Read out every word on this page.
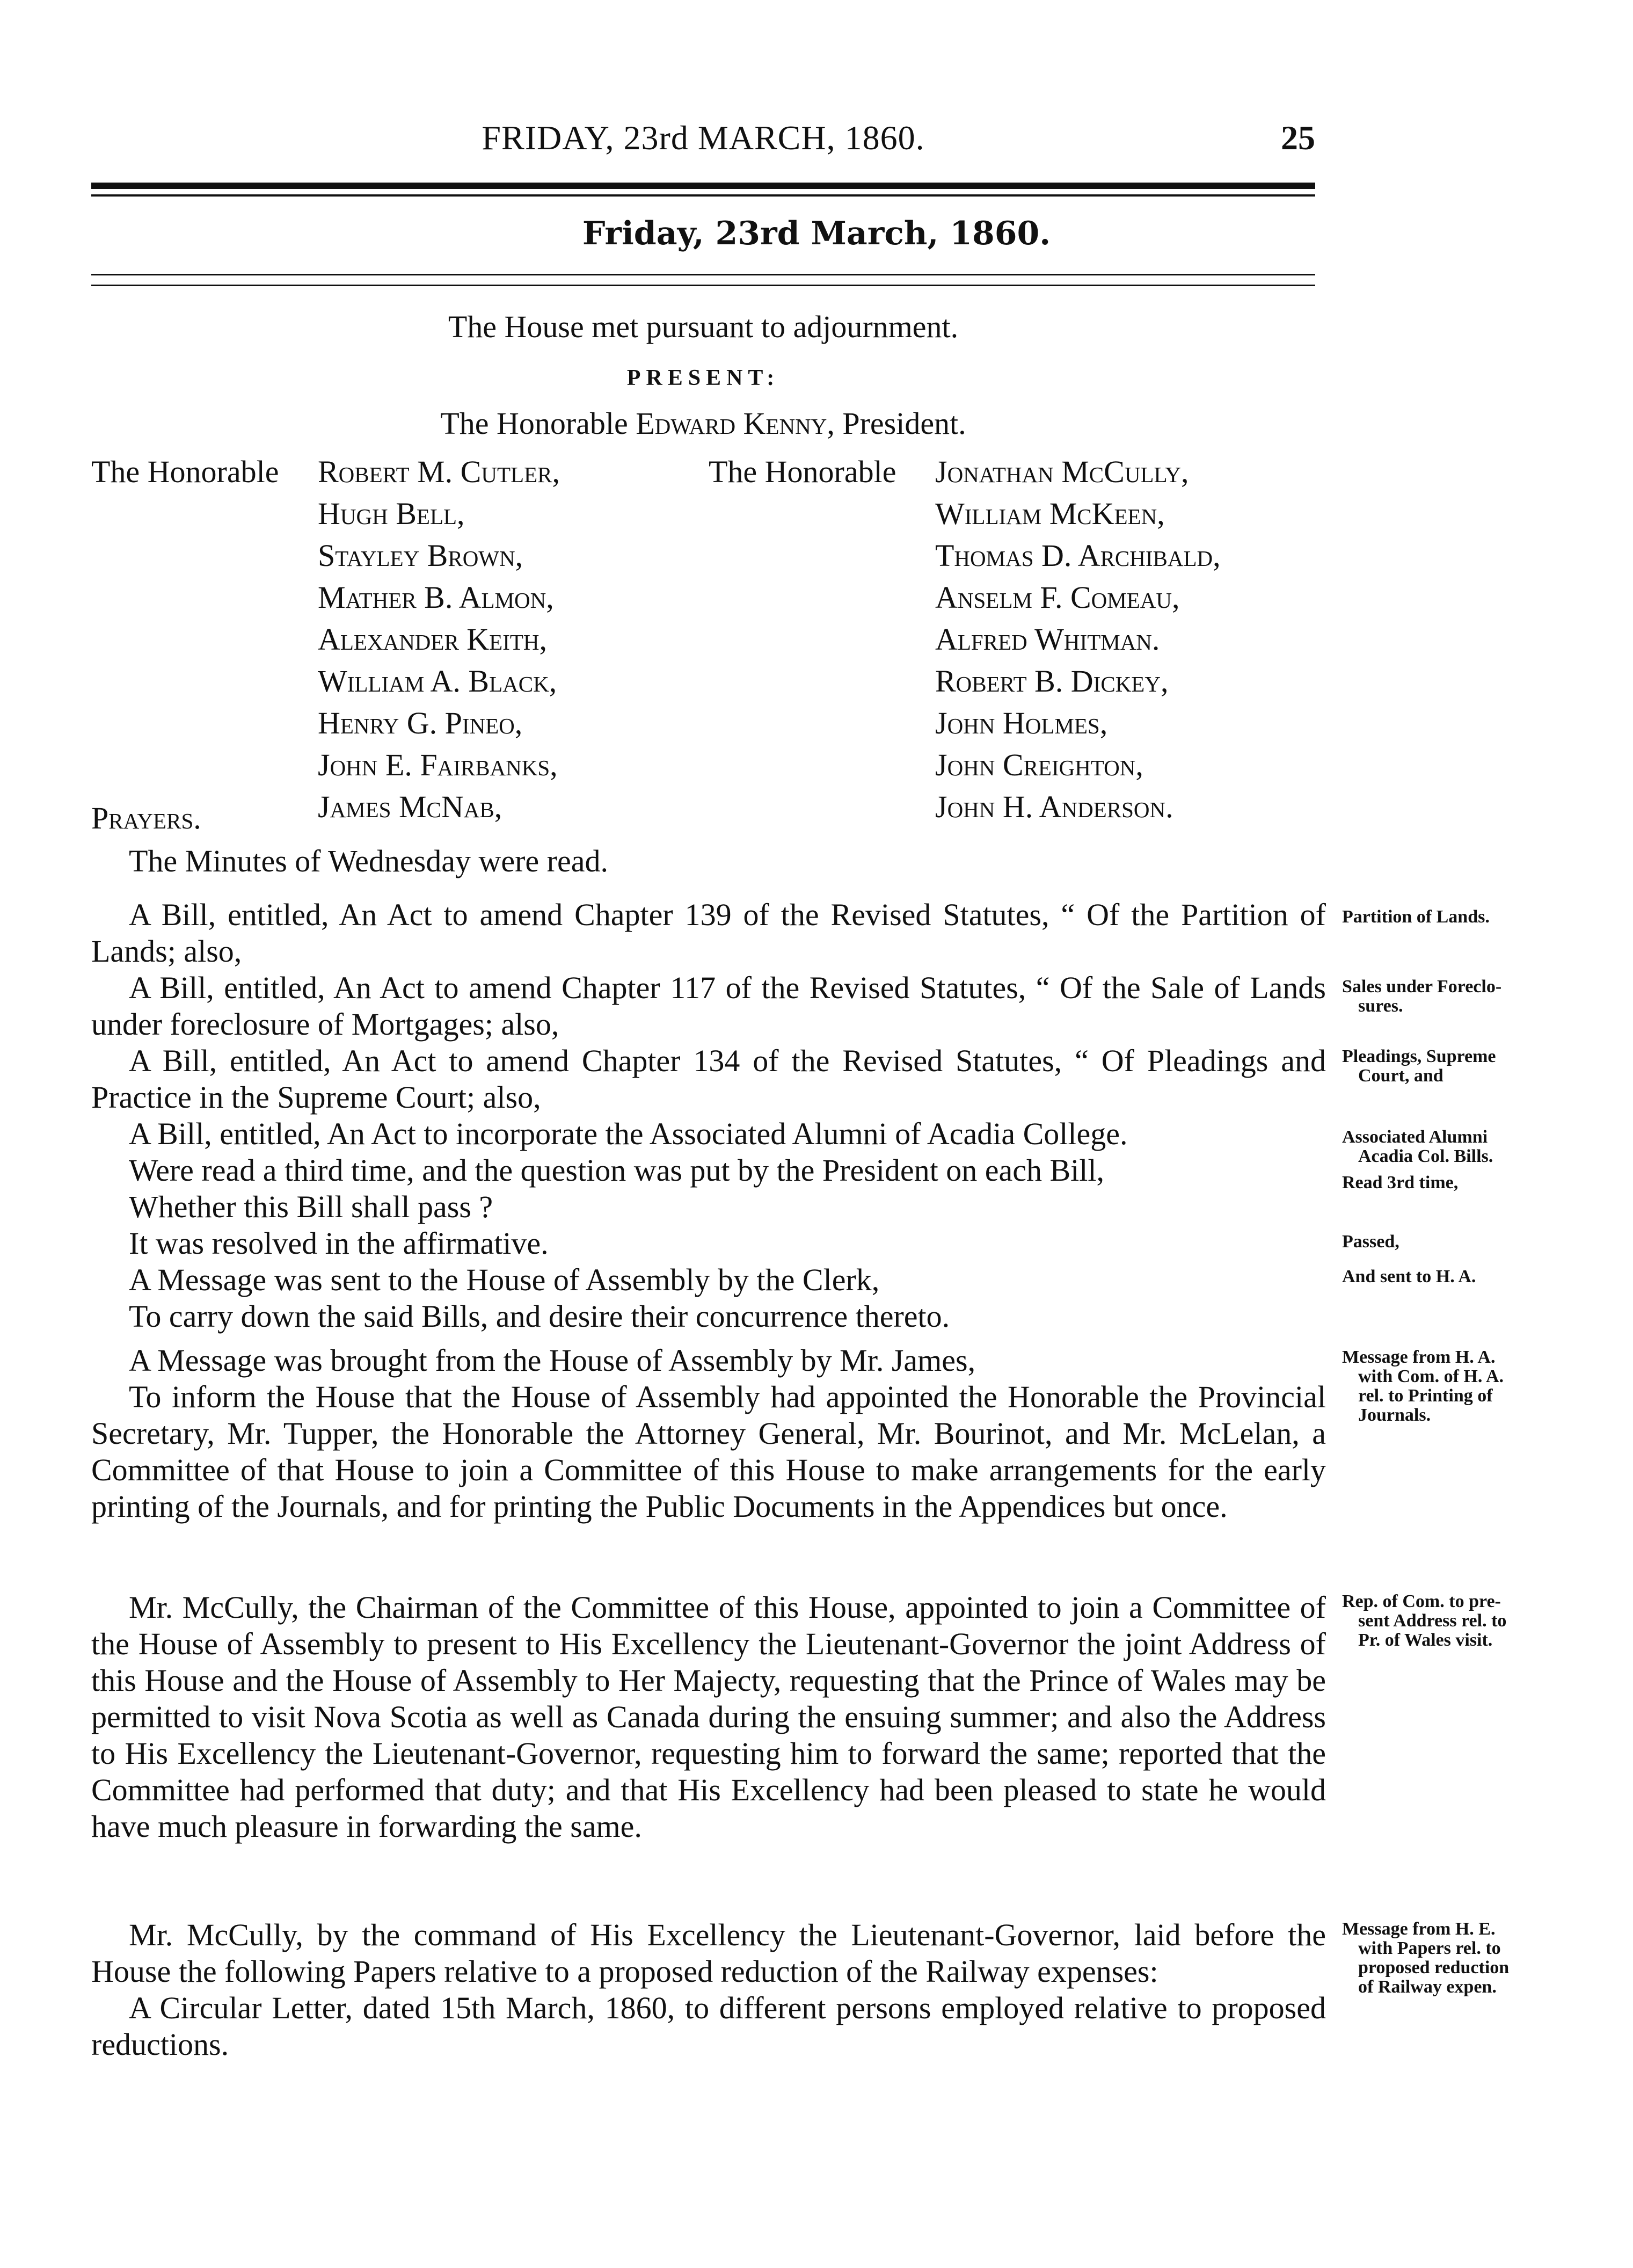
FRIDAY, 23rd MARCH, 1860.	25
Friday, 23rd March, 1860.
The House met pursuant to adjournment.
PRESENT:
The Honorable Edward Kenny, President.
The Honorable Robert M. Cutler,
Hugh Bell,
Stayley Brown,
Mather B. Almon,
Alexander Keith,
William A. Black,
Henry G. Pineo,
John E. Fairbanks,
James McNab,
The Honorable Jonathan McCully,
William McKeen,
Thomas D. Archibald,
Anselm F. Comeau,
Alfred Whitman.
Robert B. Dickey,
John Holmes,
John Creighton,
John H. Anderson.

Prayers.

The Minutes of Wednesday were read.

A Bill, entitled, An Act to amend Chapter 139 of the Revised Statutes, “ Of the Partition of Lands; also,

A Bill, entitled, An Act to amend Chapter 117 of the Revised Statutes, “ Of the Sale of Lands under foreclosure of Mortgages; also,

A Bill, entitled, An Act to amend Chapter 134 of the Revised Statutes, “ Of Pleadings and Practice in the Supreme Court; also,

A Bill, entitled, An Act to incorporate the Associated Alumni of Acadia College.

Were read a third time, and the question was put by the President on each Bill,

Whether this Bill shall pass ?

It was resolved in the affirmative.

A Message was sent to the House of Assembly by the Clerk,

To carry down the said Bills, and desire their concurrence thereto.

A Message was brought from the House of Assembly by Mr. James,

To inform the House that the House of Assembly had appointed the Honorable the Provincial Secretary, Mr. Tupper, the Honorable the Attorney General, Mr. Bourinot, and Mr. McLelan, a Committee of that House to join a Committee of this House to make arrangements for the early printing of the Journals, and for printing the Public Documents in the Appendices but once.

Mr. McCully, the Chairman of the Committee of this House, appointed to join a Committee of the House of Assembly to present to His Excellency the Lieutenant-Governor the joint Address of this House and the House of Assembly to Her Majecty, requesting that the Prince of Wales may be permitted to visit Nova Scotia as well as Canada during the ensuing summer; and also the Address to His Excellency the Lieutenant-Governor, requesting him to forward the same; reported that the Committee had performed that duty; and that His Excellency had been pleased to state he would have much pleasure in forwarding the same.

Mr. McCully, by the command of His Excellency the Lieutenant-Governor, laid before the House the following Papers relative to a proposed reduction of the Railway expenses:

A Circular Letter, dated 15th March, 1860, to different persons employed relative to proposed reductions.

Partition of Lands.
Sales under Foreclo-
sures.
Pleadings, Supreme
Court, and
Associated Alumni
Acadia Col. Bills.
Read 3rd time,
Passed,
And sent to H. A.
Message from H. A.
with Com. of H. A.
rel. to Printing of
Journals.
Rep. of Com. to pre-
sent Address rel. to
Pr. of Wales visit.
Message from H. E.
with Papers rel. to
proposed reduction
of Railway expen.
